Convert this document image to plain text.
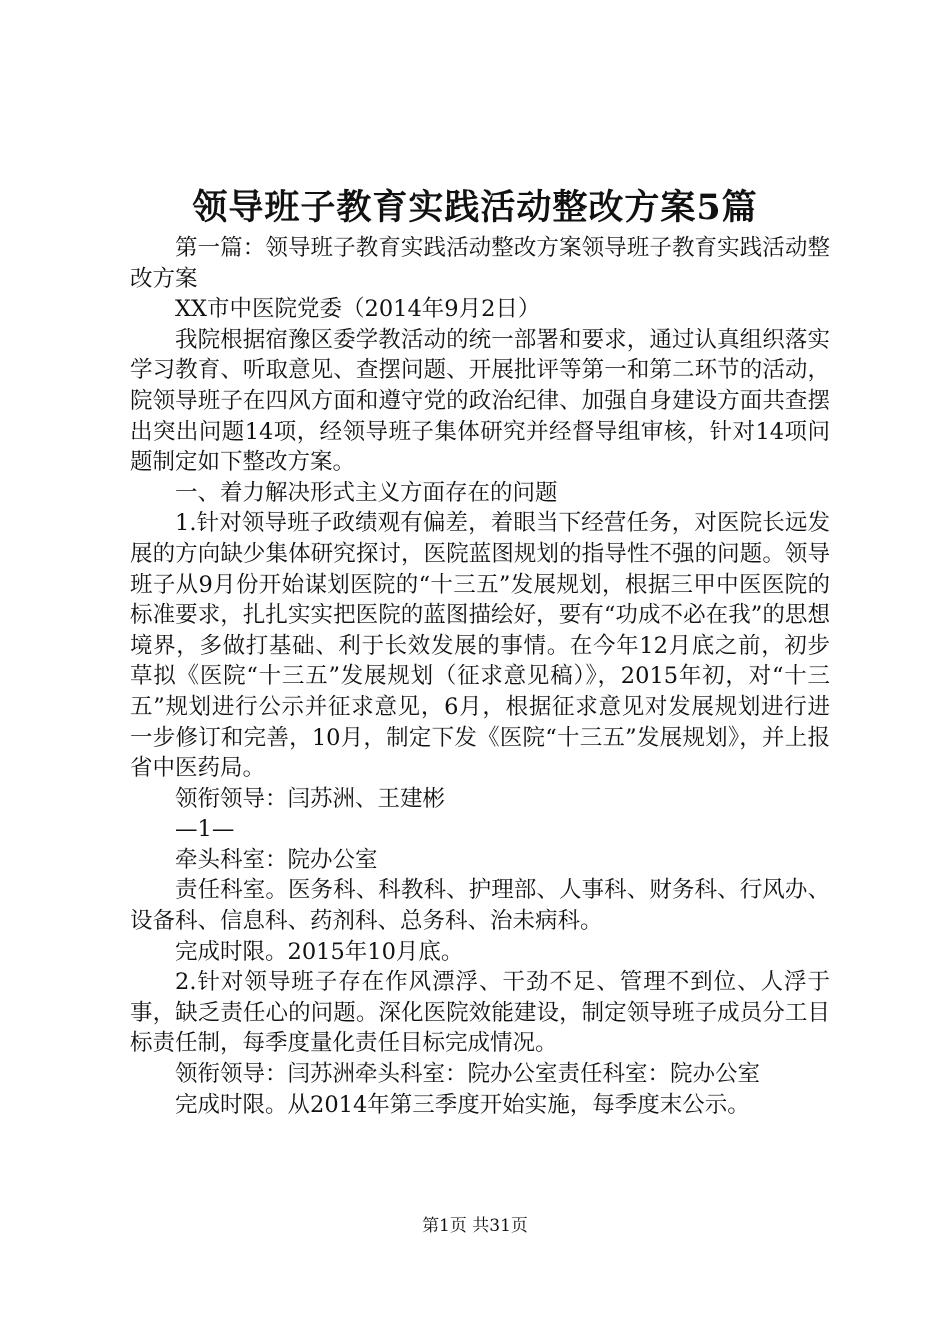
领导班子教育实践活动整改方案5篇

第一篇：领导班子教育实践活动整改方案领导班子教育实践活动整改方案

XX市中医院党委（2014年9月2日）

我院根据宿豫区委学教活动的统一部署和要求，通过认真组织落实学习教育、听取意见、查摆问题、开展批评等第一和第二环节的活动，院领导班子在四风方面和遵守党的政治纪律、加强自身建设方面共查摆出突出问题14项，经领导班子集体研究并经督导组审核，针对14项问题制定如下整改方案。

一、着力解决形式主义方面存在的问题

1.针对领导班子政绩观有偏差，着眼当下经营任务，对医院长远发展的方向缺少集体研究探讨，医院蓝图规划的指导性不强的问题。领导班子从9月份开始谋划医院的“十三五”发展规划，根据三甲中医医院的标准要求，扎扎实实把医院的蓝图描绘好，要有“功成不必在我”的思想境界，多做打基础、利于长效发展的事情。在今年12月底之前，初步草拟《医院“十三五”发展规划（征求意见稿）》，2015年初，对“十三五”规划进行公示并征求意见，6月，根据征求意见对发展规划进行进一步修订和完善，10月，制定下发《医院“十三五”发展规划》，并上报省中医药局。

领衔领导：闫苏洲、王建彬

—1—

牵头科室：院办公室

责任科室。医务科、科教科、护理部、人事科、财务科、行风办、设备科、信息科、药剂科、总务科、治未病科。

完成时限。2015年10月底。

2.针对领导班子存在作风漂浮、干劲不足、管理不到位、人浮于事，缺乏责任心的问题。深化医院效能建设，制定领导班子成员分工目标责任制，每季度量化责任目标完成情况。

领衔领导：闫苏洲牵头科室：院办公室责任科室：院办公室

完成时限。从2014年第三季度开始实施，每季度末公示。

第1页 共31页
